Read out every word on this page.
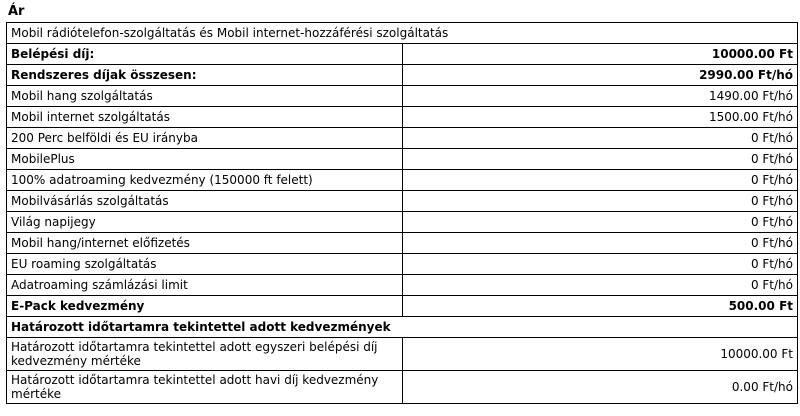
Ár
Mobil rádiótelefon-szolgáltatás és Mobil internet-hozzáférési szolgáltatás	
Belépési díj:	10000.00 Ft
Rendszeres díjak összesen:	2990.00 Ft/hó
Mobil hang szolgáltatás	1490.00 Ft/hó
Mobil internet szolgáltatás	1500.00 Ft/hó
200 Perc belföldi és EU irányba	0 Ft/hó
MobilePlus	0 Ft/hó
100% adatroaming kedvezmény (150000 ft felett)	0 Ft/hó
Mobilvásárlás szolgáltatás	0 Ft/hó
Világ napijegy	0 Ft/hó
Mobil hang/internet előfizetés	0 Ft/hó
EU roaming szolgáltatás	0 Ft/hó
Adatroaming számlázási limit	0 Ft/hó
E-Pack kedvezmény	500.00 Ft
Határozott időtartamra tekintettel adott kedvezmények	
Határozott időtartamra tekintettel adott egyszeri belépési díj kedvezmény mértéke	10000.00 Ft
Határozott időtartamra tekintettel adott havi díj kedvezmény mértéke	0.00 Ft/hó
